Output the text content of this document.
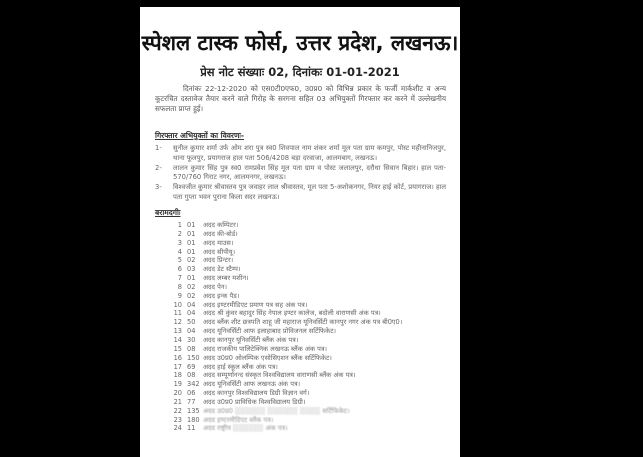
स्पेशल टास्क फोर्स, उत्तर प्रदेश, लखनऊ।
प्रेस नोट संख्याः 02, दिनांकः 01-01-2021
दिनांकः 22-12-2020 को एस0टी0एफ0, उ0प्र0 को विभिन्न प्रकार के फर्जी मार्कशीट व अन्य कूटरचित दस्तावेज तैयार करने वाले गिरोह के सरगना सहित 03 अभियुक्तों गिरफ्तार कर करने में उल्लेखनीय सफलता प्राप्त हुई।
गिरफ्तार अभियुक्तों का विवरणः-
1-	सुनील कुमार शर्मा उर्फ ओम शरा पुत्र स्व0 शिवपाल नाम शंकर शर्मा मूल पता ग्राम कमपुर, पोस्ट महीनानिजपुर, थाना फूलपुर, प्रयागराज हाल पता 506/4208 बड़ा दरवाजा, आलमबाग, लखनऊ।
2-	लालन कुमार सिंह पुत्र स्व0 रामप्रवेश सिंह मूल पता ग्राम व पोस्ट जलालपुर, दरौधा सिवान बिहार। हाल पता- 570/760 गिराट नगर, आलमनगर, लखनऊ।
3-	विश्वजीत कुमार श्रीवास्तव पुत्र जवाहर लाल श्रीवास्तव, मूल पता 5-अशोकनगर, नियर हाई कोर्ट, प्रयागराज। हाल पता गुप्ता भवन पुराना किला सदर लखनऊ।
बरामदगीः
1 01	अदद कम्पिटर।
2 01	अदद की-बोर्ड।
3 01	अदद माउस।
4 01	अदद सीपीयू।
5 02	अदद प्रिन्टर।
6 03	अदद डेट स्टैम्प।
7 01	अदद लम्बर मशीन।
8 02	अदद पेन।
9 02	अदद इन्क पैड।
10 04	अदद इण्टरमीडिएट प्रमाण पत्र सह अंक पत्र।
11 04	अदद श्री कुंवर बहादुर सिंह नेपाल इण्टर कालेज, बदोली वाराणसी अंक पत्र।
12 50	अदद ब्लैंक शीट छत्रपति शाहू जी महाराज यूनिवर्सिटी कानपुर नगर अंक पत्र बी0ए0।
13 04	अदद यूनिवर्सिटी आफ इलाहाबाद प्रोविजनल सर्टिफिकेट।
14 30	अदद कानपुर यूनिवर्सिटी ब्लैंक अंक पत्र।
15 08	अदद राजकीय पालिटेक्निक लखनऊ ब्लैंक अंक पत्र।
16 150 अदद उ0प्र0 ओलम्पिक एसोसिएशन ब्लैंक सर्टिफिकेट।
17 69	अदद हाई स्कूल ब्लैंक अंक पत्र।
18 08	अदद सम्पूर्णानन्द संस्कृत विश्वविद्यालय वाराणसी ब्लैंक अंक पत्र।
19 342 अदद यूनिवर्सिटी आफ लखनऊ अंक पत्र।
20 06	अदद कानपुर विश्वविद्यालय डिग्री विज्ञान वर्ग।
21 77	अदद उ0प्र0 प्राविधिक विश्वविद्यालय डिग्री।
22 135 अदद उ0प्र0 ░░░░░░ ░░░░░░ ░░░░ सर्टिफिकेट।
23 180 अदद इण्टरमीडिएट ब्लैंक पत्र।
24 11	अदद राष्ट्रीय ░░░░░░ अंक पत्र।
